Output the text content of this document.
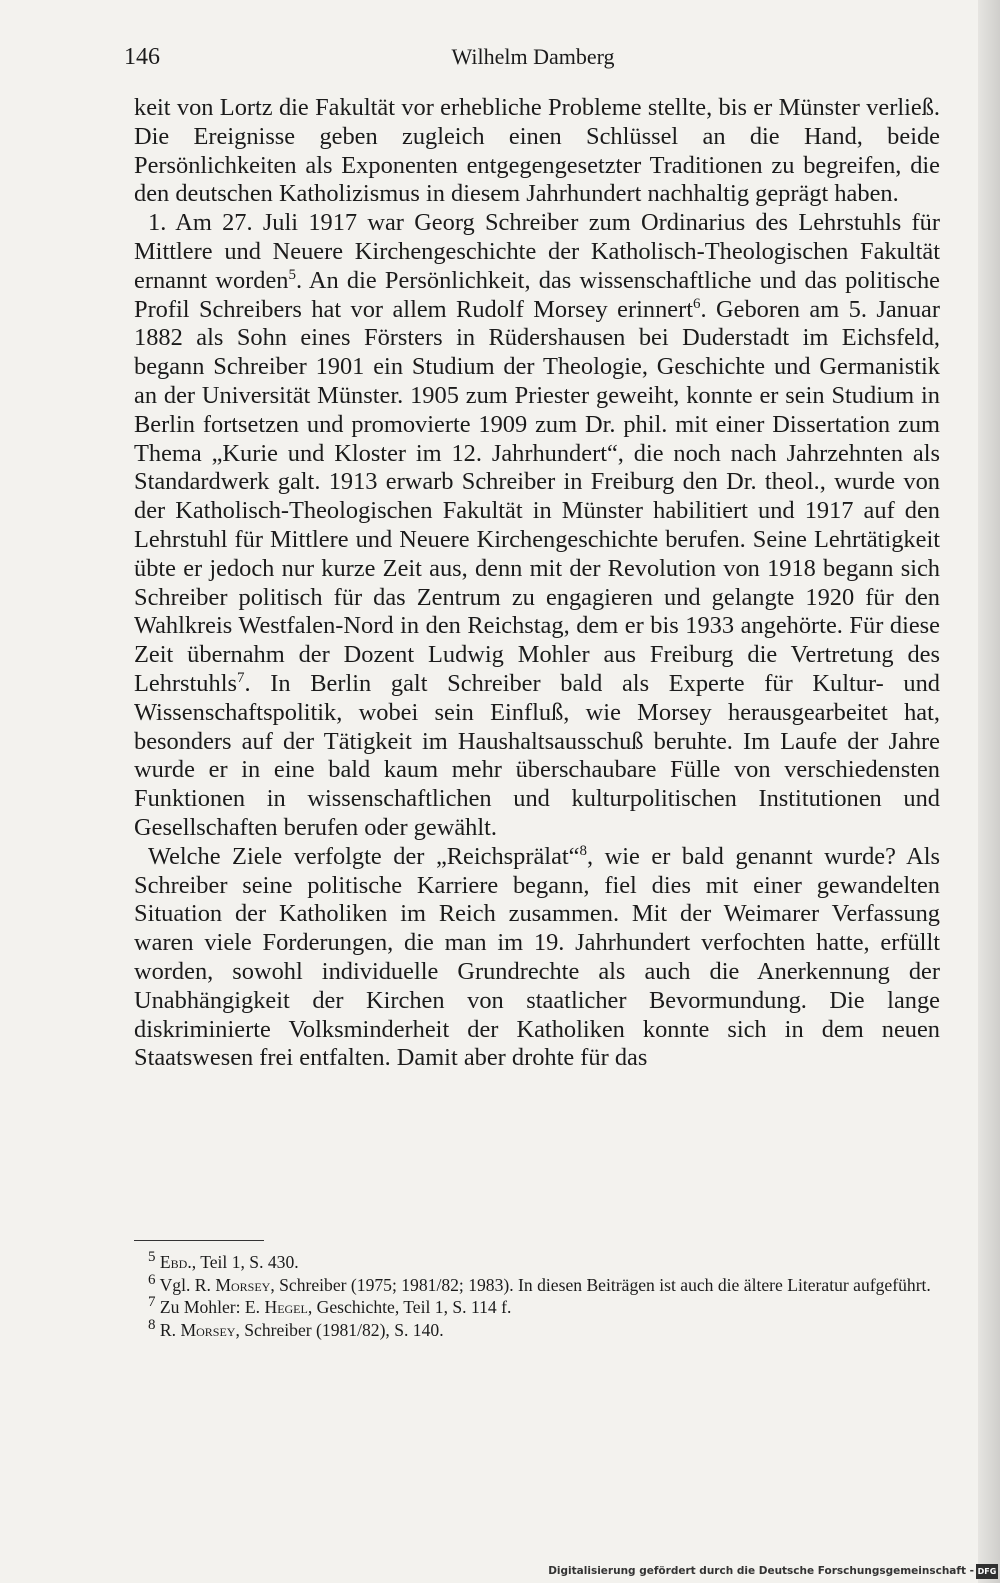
146	Wilhelm Damberg

keit von Lortz die Fakultät vor erhebliche Probleme stellte, bis er Münster verließ. Die Ereignisse geben zugleich einen Schlüssel an die Hand, beide Persönlichkeiten als Exponenten entgegengesetzter Traditionen zu begreifen, die den deutschen Katholizismus in diesem Jahrhundert nachhaltig geprägt haben.

1. Am 27. Juli 1917 war Georg Schreiber zum Ordinarius des Lehrstuhls für Mittlere und Neuere Kirchengeschichte der Katholisch-Theologischen Fakultät ernannt worden$^5$. An die Persönlichkeit, das wissenschaftliche und das politische Profil Schreibers hat vor allem Rudolf Morsey erinnert$^6$. Geboren am 5. Januar 1882 als Sohn eines Försters in Rüdershausen bei Duderstadt im Eichsfeld, begann Schreiber 1901 ein Studium der Theologie, Geschichte und Germanistik an der Universität Münster. 1905 zum Priester geweiht, konnte er sein Studium in Berlin fortsetzen und promovierte 1909 zum Dr. phil. mit einer Dissertation zum Thema „Kurie und Kloster im 12. Jahrhundert“, die noch nach Jahrzehnten als Standardwerk galt. 1913 erwarb Schreiber in Freiburg den Dr. theol., wurde von der Katholisch-Theologischen Fakultät in Münster habilitiert und 1917 auf den Lehrstuhl für Mittlere und Neuere Kirchengeschichte berufen. Seine Lehrtätigkeit übte er jedoch nur kurze Zeit aus, denn mit der Revolution von 1918 begann sich Schreiber politisch für das Zentrum zu engagieren und gelangte 1920 für den Wahlkreis Westfalen-Nord in den Reichstag, dem er bis 1933 angehörte. Für diese Zeit übernahm der Dozent Ludwig Mohler aus Freiburg die Vertretung des Lehrstuhls$^7$. In Berlin galt Schreiber bald als Experte für Kultur- und Wissenschaftspolitik, wobei sein Einfluß, wie Morsey herausgearbeitet hat, besonders auf der Tätigkeit im Haushaltsausschuß beruhte. Im Laufe der Jahre wurde er in eine bald kaum mehr überschaubare Fülle von verschiedensten Funktionen in wissenschaftlichen und kulturpolitischen Institutionen und Gesellschaften berufen oder gewählt.

Welche Ziele verfolgte der „Reichsprälat“$^8$, wie er bald genannt wurde? Als Schreiber seine politische Karriere begann, fiel dies mit einer gewandelten Situation der Katholiken im Reich zusammen. Mit der Weimarer Verfassung waren viele Forderungen, die man im 19. Jahrhundert verfochten hatte, erfüllt worden, sowohl individuelle Grundrechte als auch die Anerkennung der Unabhängigkeit der Kirchen von staatlicher Bevormundung. Die lange diskriminierte Volksminderheit der Katholiken konnte sich in dem neuen Staatswesen frei entfalten. Damit aber drohte für das

$^5$ Ebd., Teil 1, S. 430.

$^6$ Vgl. R. Morsey, Schreiber (1975; 1981/82; 1983). In diesen Beiträgen ist auch die ältere Literatur aufgeführt.

$^7$ Zu Mohler: E. Hegel, Geschichte, Teil 1, S. 114 f.

$^8$ R. Morsey, Schreiber (1981/82), S. 140.

Digitalisierung gefördert durch die Deutsche Forschungsgemeinschaft - DFG
